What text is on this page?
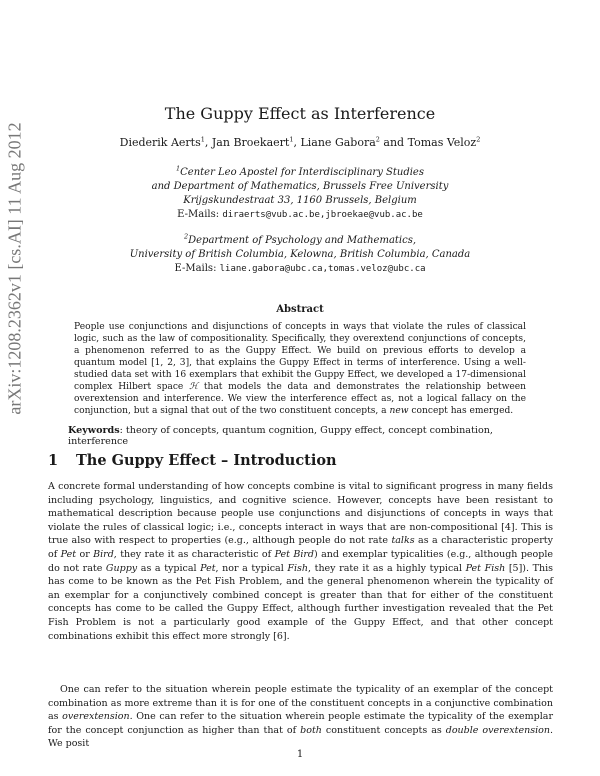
arXiv:1208.2362v1 [cs.AI] 11 Aug 2012
The Guppy Effect as Interference
Diederik Aerts$^1$, Jan Broekaert$^1$, Liane Gabora$^2$ and Tomas Veloz$^2$
$^1$Center Leo Apostel for Interdisciplinary Studies
and Department of Mathematics, Brussels Free University
Krijgskundestraat 33, 1160 Brussels, Belgium
E-Mails: diraerts@vub.ac.be,jbroekae@vub.ac.be
$^2$Department of Psychology and Mathematics,
University of British Columbia, Kelowna, British Columbia, Canada
E-Mails: liane.gabora@ubc.ca,tomas.veloz@ubc.ca
Abstract

People use conjunctions and disjunctions of concepts in ways that violate the rules of classical logic, such as the law of compositionality. Specifically, they overextend conjunctions of concepts, a phenomenon referred to as the Guppy Effect. We build on previous efforts to develop a quantum model [1, 2, 3], that explains the Guppy Effect in terms of interference. Using a well-studied data set with 16 exemplars that exhibit the Guppy Effect, we developed a 17-dimensional complex Hilbert space ℋ that models the data and demonstrates the relationship between overextension and interference. We view the interference effect as, not a logical fallacy on the conjunction, but a signal that out of the two constituent concepts, a new concept has emerged.

Keywords: theory of concepts, quantum cognition, Guppy effect, concept combination, interference
1 The Guppy Effect – Introduction

A concrete formal understanding of how concepts combine is vital to significant progress in many fields including psychology, linguistics, and cognitive science. However, concepts have been resistant to mathematical description because people use conjunctions and disjunctions of concepts in ways that violate the rules of classical logic; i.e., concepts interact in ways that are non-compositional [4]. This is true also with respect to properties (e.g., although people do not rate talks as a characteristic property of Pet or Bird, they rate it as characteristic of Pet Bird) and exemplar typicalities (e.g., although people do not rate Guppy as a typical Pet, nor a typical Fish, they rate it as a highly typical Pet Fish [5]). This has come to be known as the Pet Fish Problem, and the general phenomenon wherein the typicality of an exemplar for a conjunctively combined concept is greater than that for either of the constituent concepts has come to be called the Guppy Effect, although further investigation revealed that the Pet Fish Problem is not a particularly good example of the Guppy Effect, and that other concept combinations exhibit this effect more strongly [6].

One can refer to the situation wherein people estimate the typicality of an exemplar of the concept combination as more extreme than it is for one of the constituent concepts in a conjunctive combination as overextension. One can refer to the situation wherein people estimate the typicality of the exemplar for the concept conjunction as higher than that of both constituent concepts as double overextension. We posit

1
